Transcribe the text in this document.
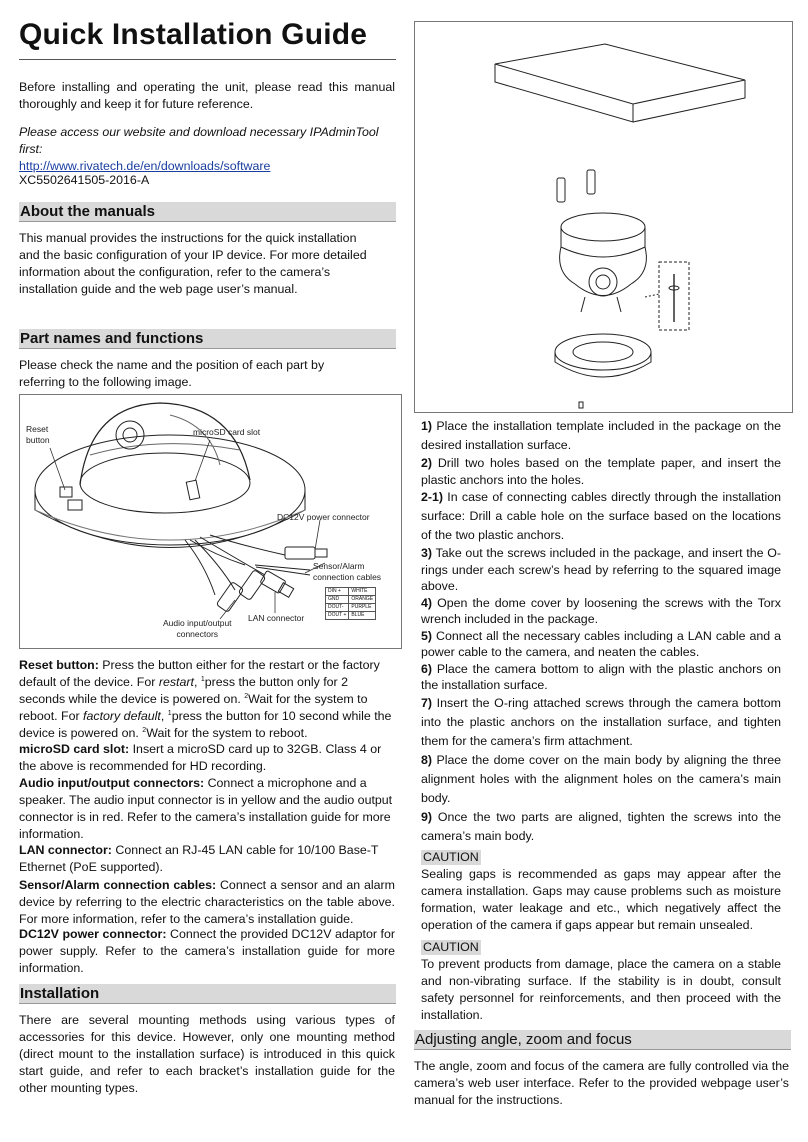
Quick Installation Guide

Before installing and operating the unit, please read this manual thoroughly and keep it for future reference.

Please access our website and download necessary IPAdminTool first:
http://www.rivatech.de/en/downloads/software

XC5502641505-2016-A

About the manuals

This manual provides the instructions for the quick installation and the basic configuration of your IP device. For more detailed information about the configuration, refer to the camera’s installation guide and the web page user’s manual.

Part names and functions

Please check the name and the position of each part by referring to the following image.

Reset
button
microSD card slot
DC12V power connector
Sensor/Alarm
connection cables
DIN +	WHITE
GND	ORANGE
DOUT-	PURPLE
DOUT +	BLUE
LAN connector
Audio input/output
connectors
Reset button: Press the button either for the restart or the factory default of the device. For restart, $^1$press the button only for 2 seconds while the device is powered on. $^2$Wait for the system to reboot. For factory default, $^1$press the button for 10 second while the device is powered on. $^2$Wait for the system to reboot.
microSD card slot: Insert a microSD card up to 32GB. Class 4 or the above is recommended for HD recording.
Audio input/output connectors: Connect a microphone and a speaker. The audio input connector is in yellow and the audio output connector is in red. Refer to the camera’s installation guide for more information.
LAN connector: Connect an RJ-45 LAN cable for 10/100 Base-T Ethernet (PoE supported).
Sensor/Alarm connection cables: Connect a sensor and an alarm device by referring to the electric characteristics on the table above. For more information, refer to the camera’s installation guide.
DC12V power connector: Connect the provided DC12V adaptor for power supply. Refer to the camera’s installation guide for more information.
Installation

There are several mounting methods using various types of accessories for this device. However, only one mounting method (direct mount to the installation surface) is introduced in this quick start guide, and refer to each bracket’s installation guide for the other mounting types.

1) Place the installation template included in the package on the desired installation surface.
2) Drill two holes based on the template paper, and insert the plastic anchors into the holes.
2-1) In case of connecting cables directly through the installation surface: Drill a cable hole on the surface based on the locations of the two plastic anchors.
3) Take out the screws included in the package, and insert the O-rings under each screw’s head by referring to the squared image above.
4) Open the dome cover by loosening the screws with the Torx wrench included in the package.
5) Connect all the necessary cables including a LAN cable and a power cable to the camera, and neaten the cables.
6) Place the camera bottom to align with the plastic anchors on the installation surface.
7) Insert the O-ring attached screws through the camera bottom into the plastic anchors on the installation surface, and tighten them for the camera’s firm attachment.
8) Place the dome cover on the main body by aligning the three alignment holes with the alignment holes on the camera’s main body.
9) Once the two parts are aligned, tighten the screws into the camera’s main body.
CAUTION
Sealing gaps is recommended as gaps may appear after the camera installation. Gaps may cause problems such as moisture formation, water leakage and etc., which negatively affect the operation of the camera if gaps appear but remain unsealed.
CAUTION
To prevent products from damage, place the camera on a stable and non-vibrating surface. If the stability is in doubt, consult safety personnel for reinforcements, and then proceed with the installation.
Adjusting angle, zoom and focus

The angle, zoom and focus of the camera are fully controlled via the camera’s web user interface. Refer to the provided webpage user’s manual for the instructions.
